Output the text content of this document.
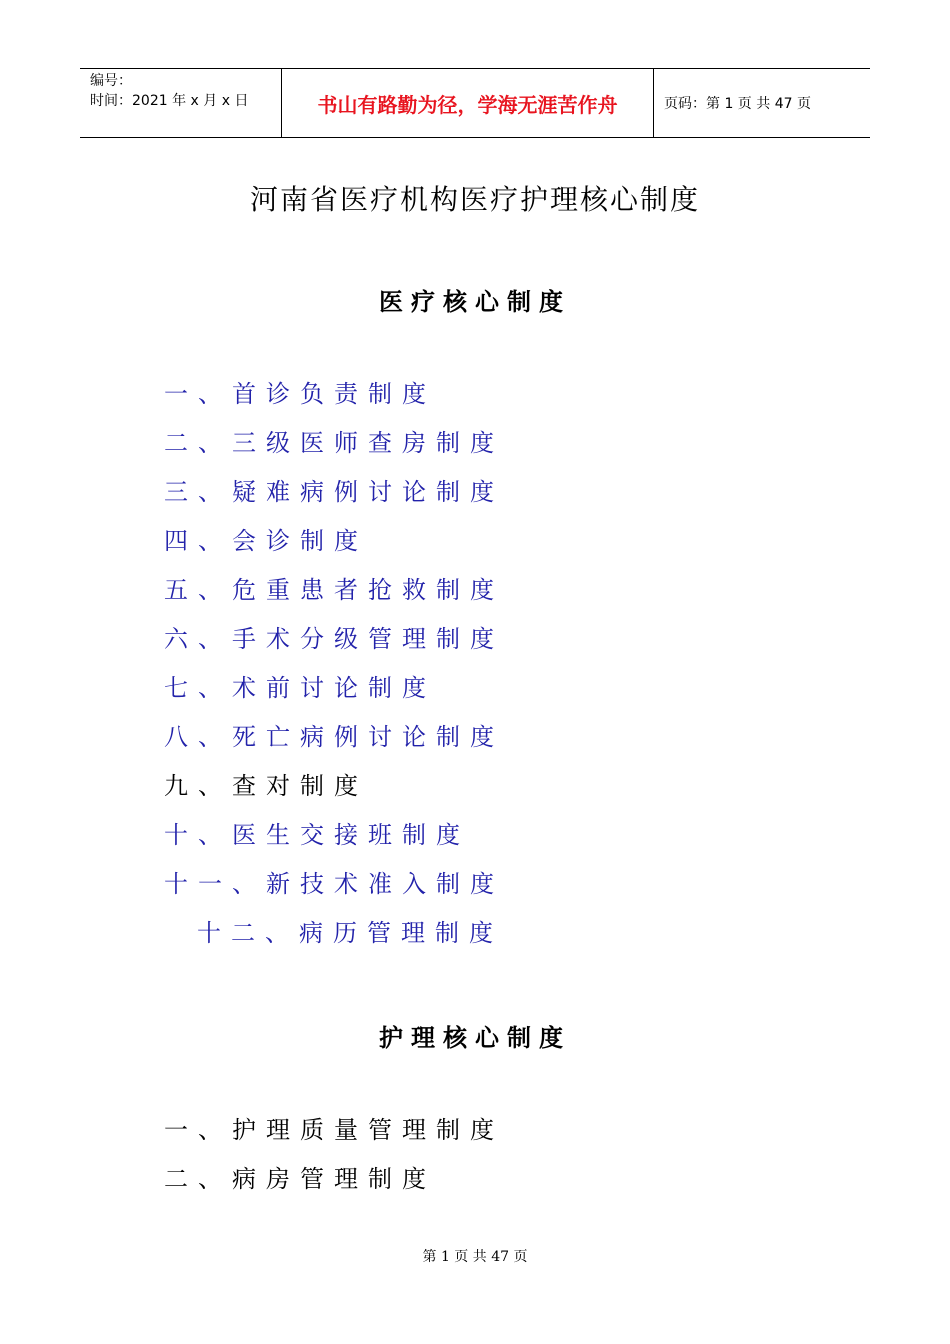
编号：
时间：2021 年 x 月 x 日	书山有路勤为径，学海无涯苦作舟	页码：第 1 页 共 47 页
河南省医疗机构医疗护理核心制度
医疗核心制度
一、首诊负责制度
二、三级医师查房制度
三、疑难病例讨论制度
四、会诊制度
五、危重患者抢救制度
六、手术分级管理制度
七、术前讨论制度
八、死亡病例讨论制度
九、查对制度
十、医生交接班制度
十一、新技术准入制度
十二、病历管理制度
护理核心制度
一、护理质量管理制度
二、病房管理制度
第 1 页 共 47 页
